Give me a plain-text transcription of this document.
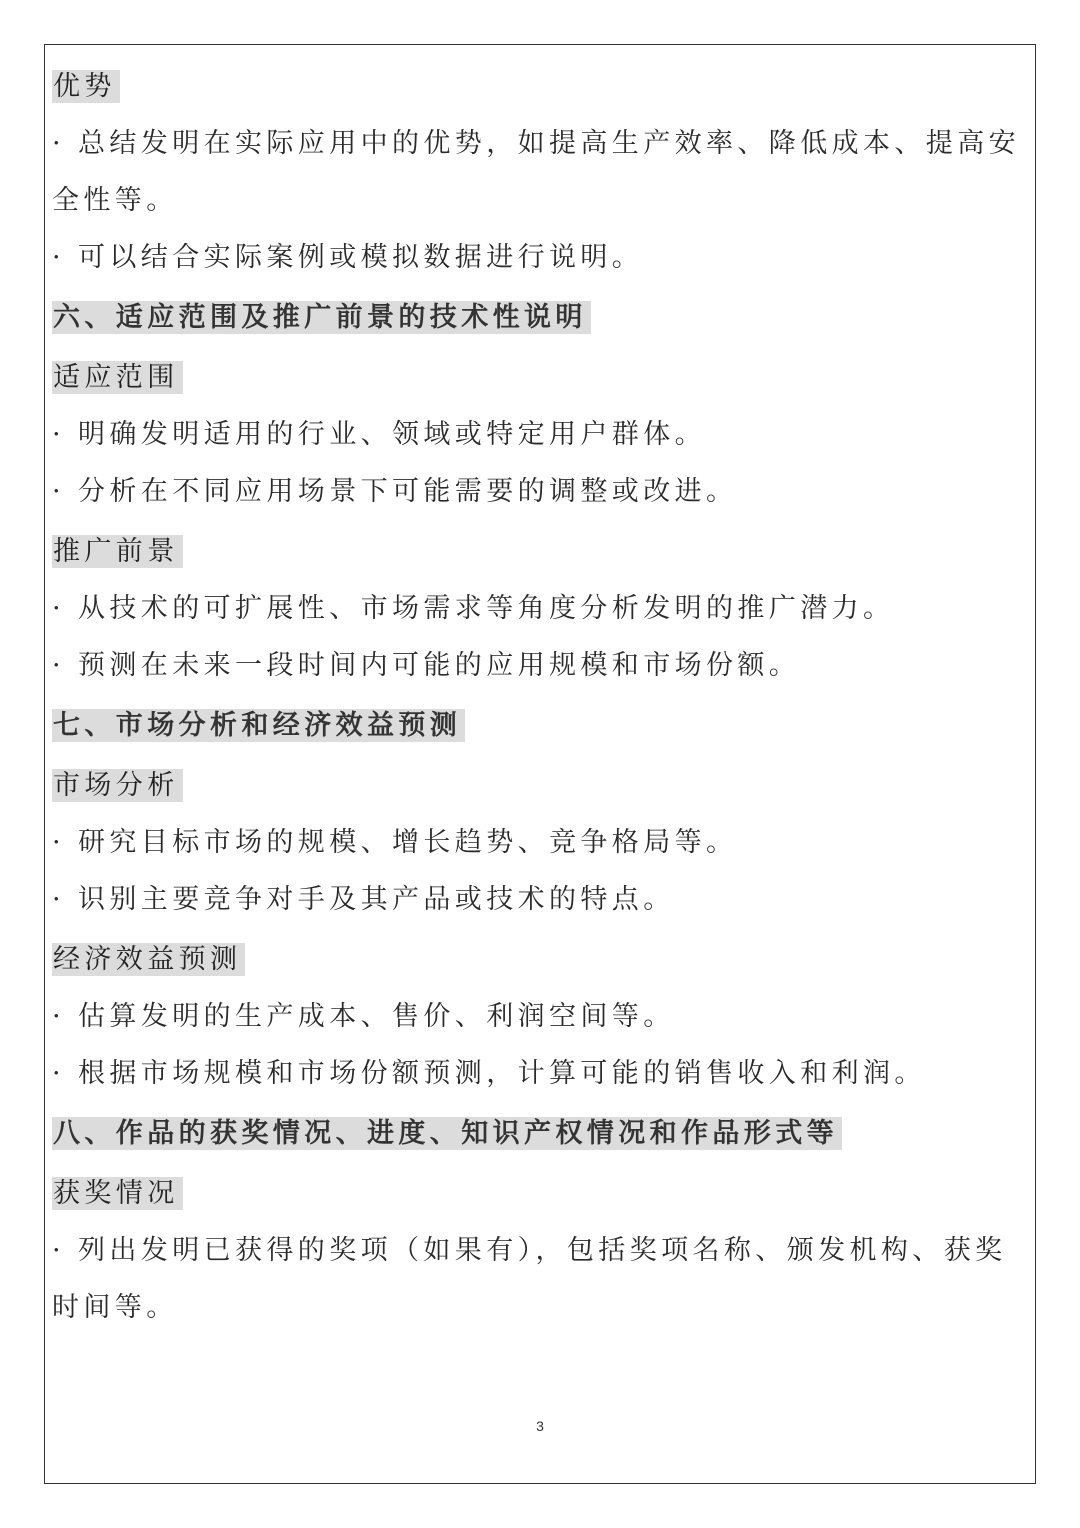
优势

· 总结发明在实际应用中的优势，如提高生产效率、降低成本、提高安全性等。

· 可以结合实际案例或模拟数据进行说明。

六、适应范围及推广前景的技术性说明
适应范围

· 明确发明适用的行业、领域或特定用户群体。

· 分析在不同应用场景下可能需要的调整或改进。

推广前景

· 从技术的可扩展性、市场需求等角度分析发明的推广潜力。

· 预测在未来一段时间内可能的应用规模和市场份额。

七、市场分析和经济效益预测
市场分析

· 研究目标市场的规模、增长趋势、竞争格局等。

· 识别主要竞争对手及其产品或技术的特点。

经济效益预测

· 估算发明的生产成本、售价、利润空间等。

· 根据市场规模和市场份额预测，计算可能的销售收入和利润。

八、作品的获奖情况、进度、知识产权情况和作品形式等
获奖情况

· 列出发明已获得的奖项（如果有），包括奖项名称、颁发机构、获奖时间等。

3
